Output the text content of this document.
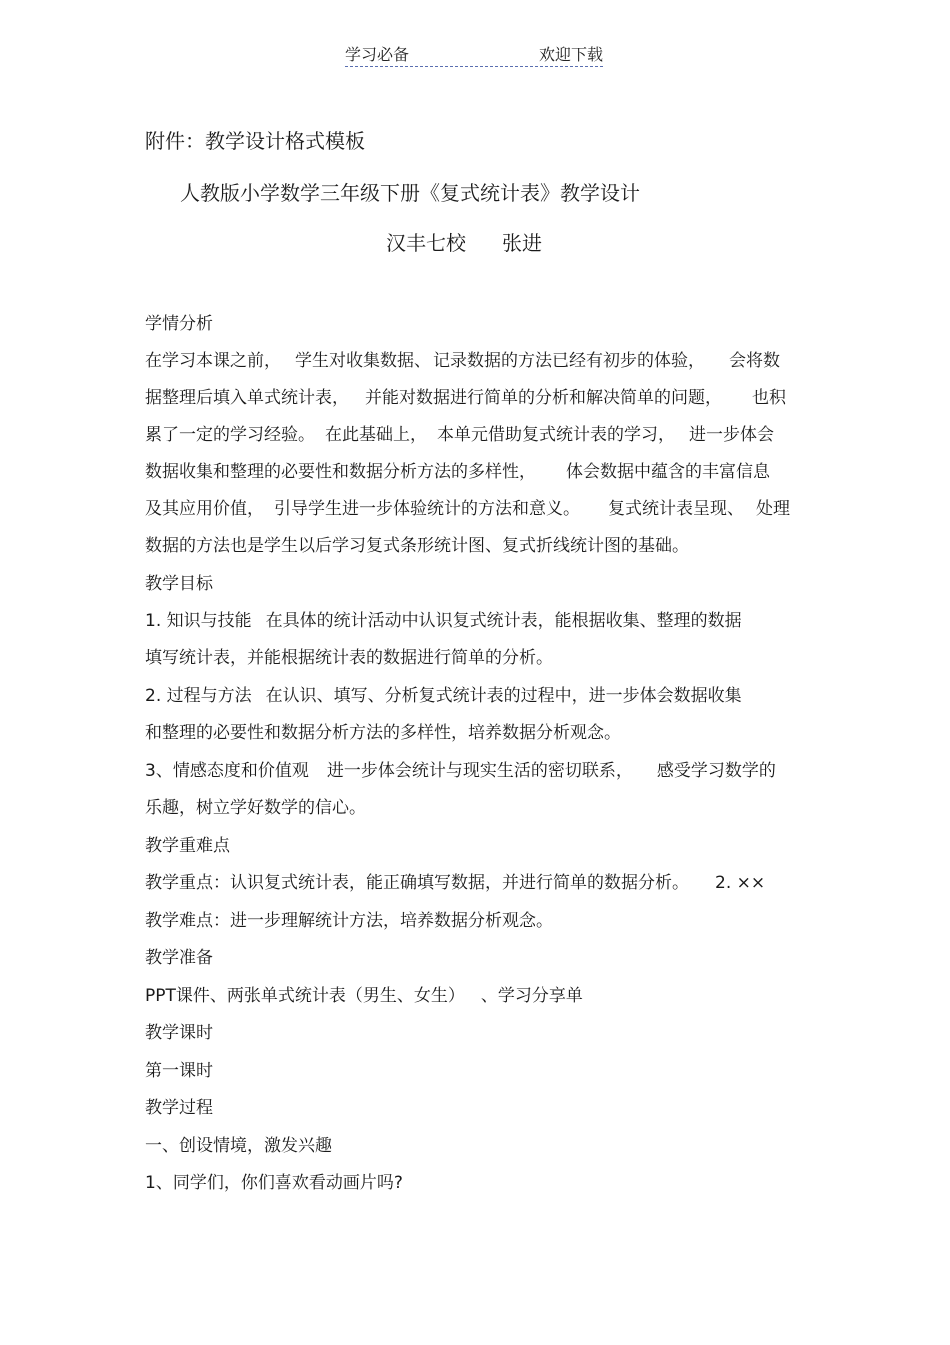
学习必备	欢迎下载
附件：教学设计格式模板
人教版小学数学三年级下册《复式统计表》教学设计
汉丰七校 张进
学情分析
在学习本课之前， 学生对收集数据、 记录数据的方法已经有初步的体验， 会将数
据整理后填入单式统计表， 并能对数据进行简单的分析和解决简单的问题， 也积
累了一定的学习经验。 在此基础上， 本单元借助复式统计表的学习， 进一步体会
数据收集和整理的必要性和数据分析方法的多样性， 体会数据中蕴含的丰富信息
及其应用价值， 引导学生进一步体验统计的方法和意义。 复式统计表呈现、 处理
数据的方法也是学生以后学习复式条形统计图、复式折线统计图的基础。
教学目标
1. 知识与技能 在具体的统计活动中认识复式统计表，能根据收集、整理的数据
填写统计表，并能根据统计表的数据进行简单的分析。
2. 过程与方法 在认识、填写、分析复式统计表的过程中，进一步体会数据收集
和整理的必要性和数据分析方法的多样性，培养数据分析观念。
3、情感态度和价值观 进一步体会统计与现实生活的密切联系， 感受学习数学的
乐趣，树立学好数学的信心。
教学重难点
教学重点：认识复式统计表，能正确填写数据，并进行简单的数据分析。 2. ××
教学难点：进一步理解统计方法，培养数据分析观念。
教学准备
PPT课件、两张单式统计表（男生、女生） 、学习分享单
教学课时
第一课时
教学过程
一、创设情境，激发兴趣
1、同学们，你们喜欢看动画片吗?
